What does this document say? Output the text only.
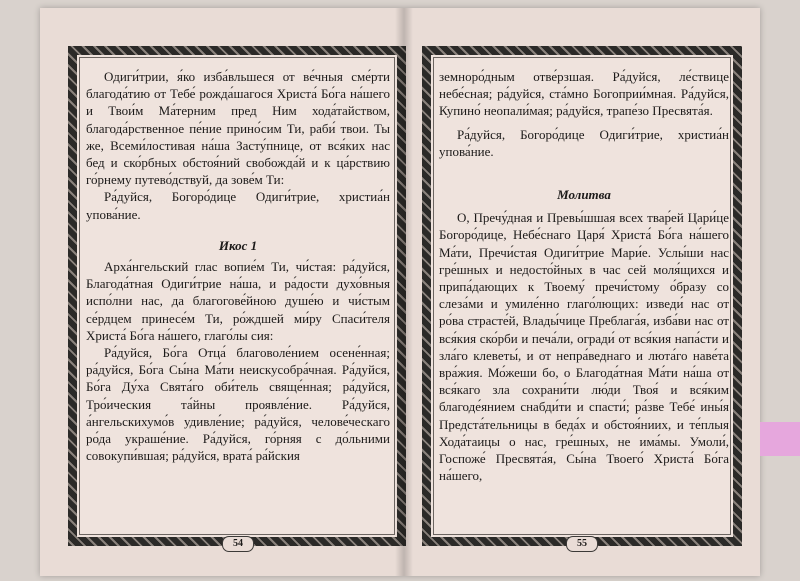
Одиги́трии, я́ко изба́вльшеся от ве́чныя сме́рти благода́тию от Тебе́ рожда́шагося Христа́ Бо́га на́шего и Твои́м Ма́терним пред Ним хода́тайством, благода́рственное пе́ние прино́сим Ти, раби́ твои. Ты же, Всеми́лостивая на́ша Засту́пнице, от вся́ких нас бед и ско́рбных обстоя́ний свобожда́й и к ца́рствию го́рнему путево́дствуй, да зове́м Ти:

Ра́дуйся, Богоро́дице Одиги́трие, христиа́н упова́ние.

Икос 1

Арха́нгельский глас вопие́м Ти, чи́стая: ра́дуйся, Благода́тная Одиги́трие на́ша, и ра́дости духо́вныя испо́лни нас, да благогове́йною душе́ю и чи́стым се́рдцем принесе́м Ти, ро́ждшей ми́ру Спаси́теля Христа́ Бо́га на́шего, глаго́лы сия:

Ра́дуйся, Бо́га Отца́ благоволе́нием осене́нная; ра́дуйся, Бо́га Сы́на Ма́ти неискусобра́чная. Ра́дуйся, Бо́га Ду́ха Свята́го оби́тель свяще́нная; ра́дуйся, Тро́ическия та́йны проявле́ние. Ра́дуйся, а́нгельскихумо́в удивле́ние; ра́дуйся, челове́ческаго ро́да украше́ние. Ра́дуйся, го́рняя с до́льними совокупи́вшая; ра́дуйся, врата́ ра́йския

54

земноро́дным отве́рзшая. Ра́дуйся, ле́ствице небе́сная; ра́дуйся, ста́мно Богоприи́мная. Ра́дуйся, Купино́ неопали́мая; ра́дуйся, трапе́зо Пресвята́я.

Ра́дуйся, Богоро́дице Одиги́трие, христиа́н упова́ние.

Молитва

О, Пречу́дная и Превы́шшая всех твар́ей Цари́це Богоро́дице, Небе́снаго Царя́ Христа́ Бо́га на́шего Ма́ти, Пречи́стая Одиги́трие Мари́е. Услы́ши нас гре́шных и недосто́йных в час сей моля́щихся и припа́дающих к Твоему́ пречи́стому о́бразу со слеза́ми и умиле́нно глаго́лющих: изведи́ нас от ро́ва страсте́й, Влады́чице Преблага́я, изба́ви нас от вся́кия ско́рби и печа́ли, огради́ от вся́кия напа́сти и зла́го клеветы́, и от непра́веднаго и люта́го наве́та вра́жия. Мо́жеши бо, о Благода́тная Ма́ти на́ша от вся́каго зла сохрани́ти лю́ди Твоя́ и вся́ким благоде́янием снабди́ти и спасти́; ра́зве Тебе́ ины́я Предста́тельницы в беда́х и обстоя́ниих, и те́плыя Хода́таицы о нас, гре́шных, не има́мы. Умоли́, Госпоже́ Пресвята́я, Сы́на Твоего́ Христа́ Бо́га на́шего,

55
